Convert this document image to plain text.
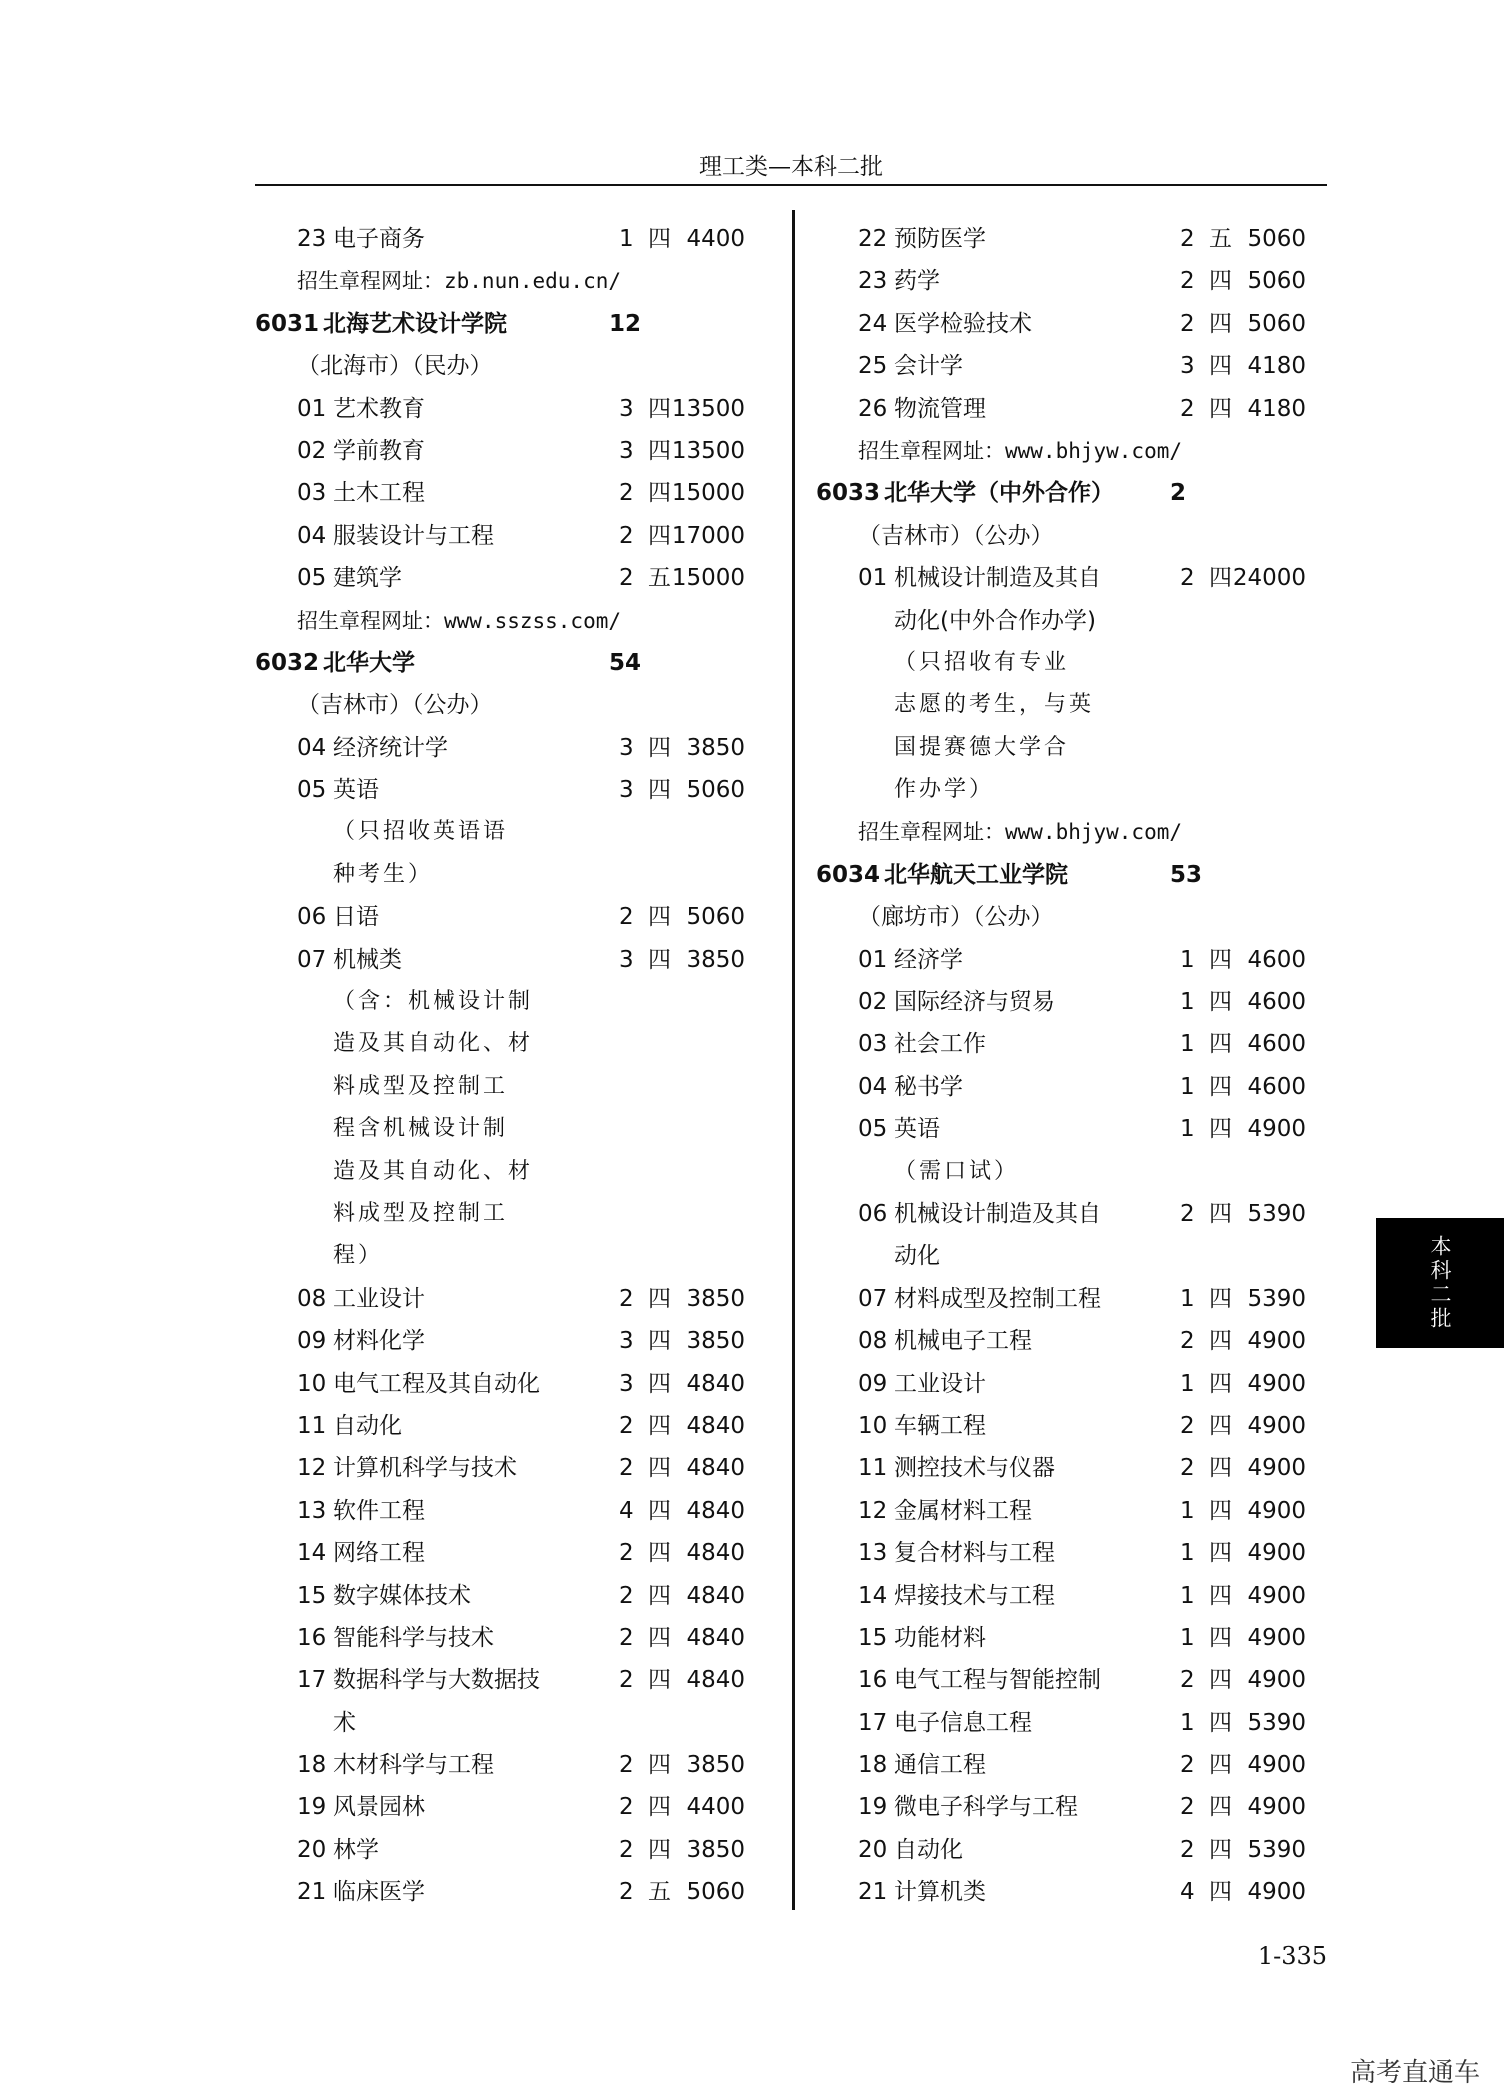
理工类—本科二批
23 电子商务	1 四 4400
招生章程网址：zb.nun.edu.cn/
6031 北海艺术设计学院	12
（北海市）（民办）
01 艺术教育	3 四 13500
02 学前教育	3 四 13500
03 土木工程	2 四 15000
04 服装设计与工程	2 四 17000
05 建筑学	2 五 15000
招生章程网址：www.sszss.com/
6032 北华大学	54
（吉林市）（公办）
04 经济统计学	3 四 3850
05 英语	3 四 5060
（只招收英语语
种考生）
06 日语	2 四 5060
07 机械类	3 四 3850
（含：机械设计制
造及其自动化、材
料成型及控制工
程含机械设计制
造及其自动化、材
料成型及控制工
程）
08 工业设计	2 四 3850
09 材料化学	3 四 3850
10 电气工程及其自动化	3 四 4840
11 自动化	2 四 4840
12 计算机科学与技术	2 四 4840
13 软件工程	4 四 4840
14 网络工程	2 四 4840
15 数字媒体技术	2 四 4840
16 智能科学与技术	2 四 4840
17 数据科学与大数据技	2 四 4840
术
18 木材科学与工程	2 四 3850
19 风景园林	2 四 4400
20 林学	2 四 3850
21 临床医学	2 五 5060
22 预防医学	2 五 5060
23 药学	2 四 5060
24 医学检验技术	2 四 5060
25 会计学	3 四 4180
26 物流管理	2 四 4180
招生章程网址：www.bhjyw.com/
6033 北华大学（中外合作） 2
（吉林市）（公办）
01 机械设计制造及其自	2 四 24000
动化(中外合作办学)
（只招收有专业
志愿的考生，与英
国提赛德大学合
作办学）
招生章程网址：www.bhjyw.com/
6034 北华航天工业学院	53
（廊坊市）（公办）
01 经济学	1 四 4600
02 国际经济与贸易	1 四 4600
03 社会工作	1 四 4600
04 秘书学	1 四 4600
05 英语	1 四 4900
（需口试）
06 机械设计制造及其自	2 四 5390
动化
07 材料成型及控制工程	1 四 5390
08 机械电子工程	2 四 4900
09 工业设计	1 四 4900
10 车辆工程	2 四 4900
11 测控技术与仪器	2 四 4900
12 金属材料工程	1 四 4900
13 复合材料与工程	1 四 4900
14 焊接技术与工程	1 四 4900
15 功能材料	1 四 4900
16 电气工程与智能控制	2 四 4900
17 电子信息工程	1 四 5390
18 通信工程	2 四 4900
19 微电子科学与工程	2 四 4900
20 自动化	2 四 5390
21 计算机类	4 四 4900
本科二批
1-335
高考直通车
